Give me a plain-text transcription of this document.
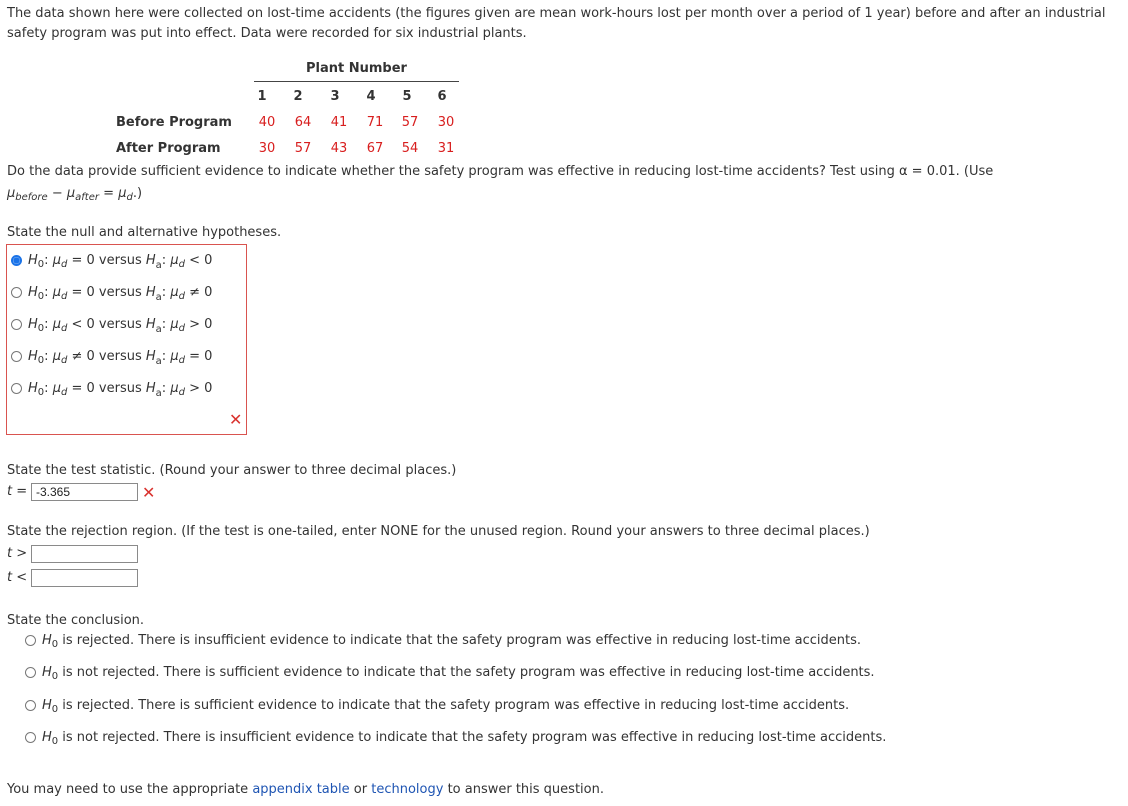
The data shown here were collected on lost-time accidents (the figures given are mean work-hours lost per month over a period of 1 year) before and after an industrial
safety program was put into effect. Data were recorded for six industrial plants.
Plant Number
1	2	3	4	5	6
Before Program 40 64 41 71 57 30
After Program	30 57 43 67 54 31
Do the data provide sufficient evidence to indicate whether the safety program was effective in reducing lost-time accidents? Test using α = 0.01. (Use
$\mu_{before} - \mu_{after} = \mu_d$.)
State the null and alternative hypotheses.
$H_0$: $\mu_d = 0$ versus $H_a$: $\mu_d < 0$
$H_0$: $\mu_d = 0$ versus $H_a$: $\mu_d \ne 0$
$H_0$: $\mu_d < 0$ versus $H_a$: $\mu_d > 0$
$H_0$: $\mu_d \ne 0$ versus $H_a$: $\mu_d = 0$
$H_0$: $\mu_d = 0$ versus $H_a$: $\mu_d > 0$
✕
State the test statistic. (Round your answer to three decimal places.)
t = -3.365	✕
State the rejection region. (If the test is one-tailed, enter NONE for the unused region. Round your answers to three decimal places.)
t >
t <
State the conclusion.
$H_0$ is rejected. There is insufficient evidence to indicate that the safety program was effective in reducing lost-time accidents.
$H_0$ is not rejected. There is sufficient evidence to indicate that the safety program was effective in reducing lost-time accidents.
$H_0$ is rejected. There is sufficient evidence to indicate that the safety program was effective in reducing lost-time accidents.
$H_0$ is not rejected. There is insufficient evidence to indicate that the safety program was effective in reducing lost-time accidents.
You may need to use the appropriate appendix table or technology to answer this question.
